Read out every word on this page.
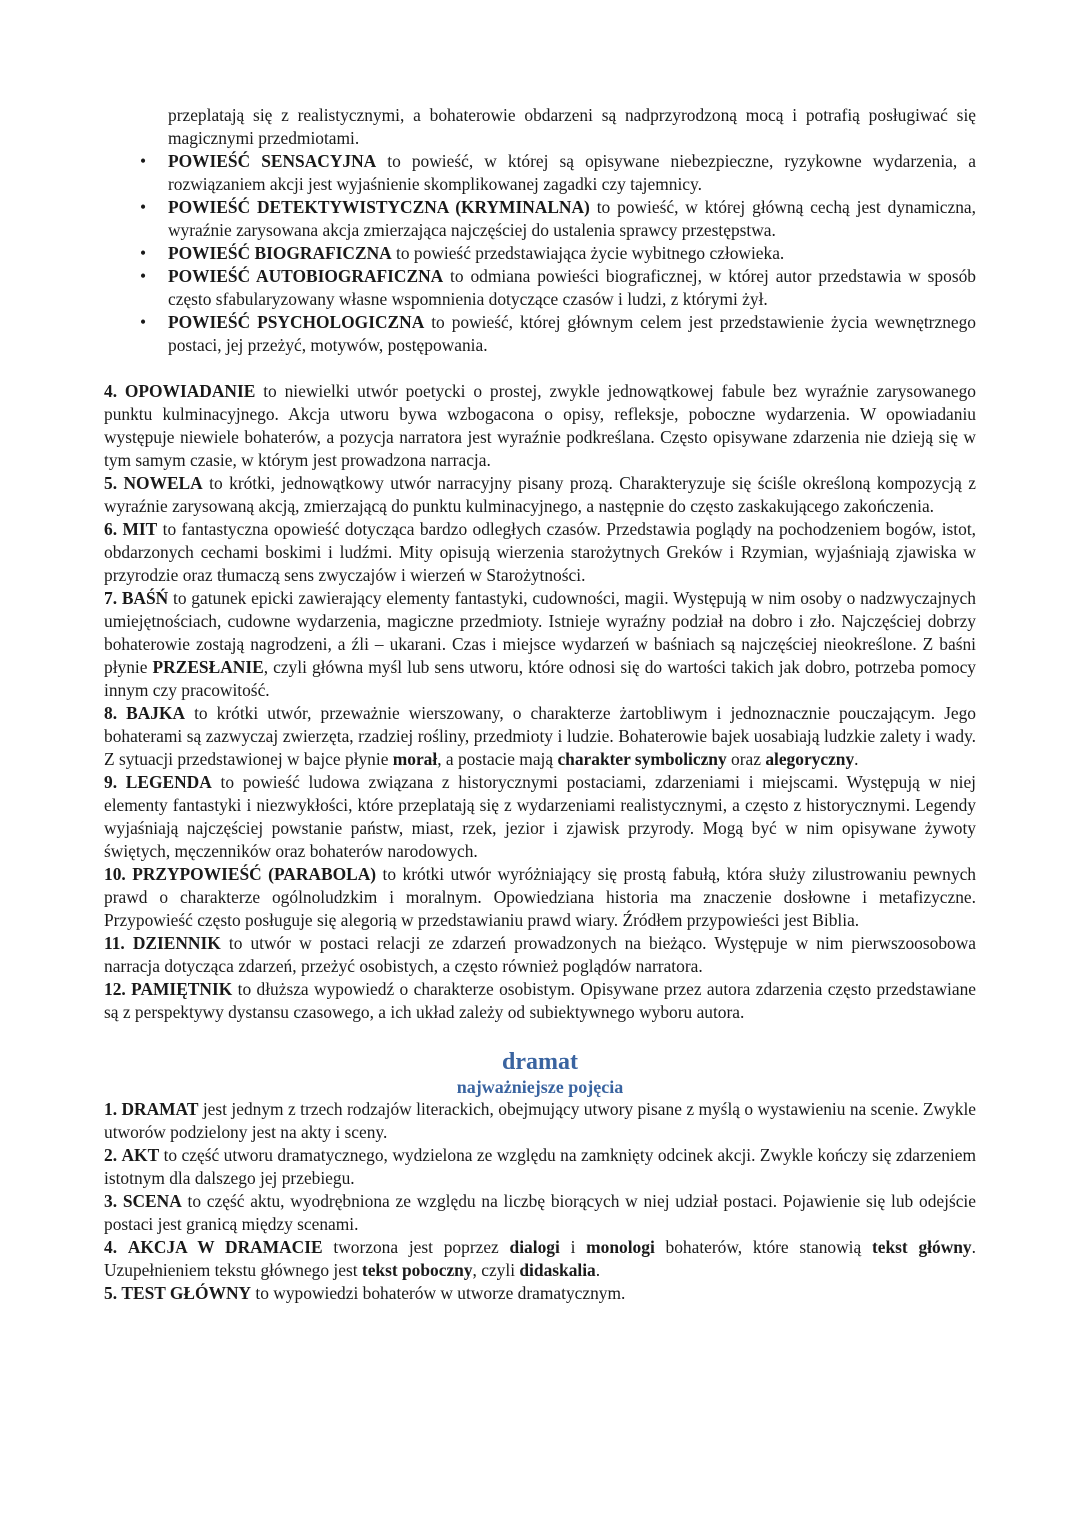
przeplatają się z realistycznymi, a bohaterowie obdarzeni są nadprzyrodzoną mocą i potrafią posługiwać się magicznymi przedmiotami.
• POWIEŚĆ SENSACYJNA to powieść, w której są opisywane niebezpieczne, ryzykowne wydarzenia, a rozwiązaniem akcji jest wyjaśnienie skomplikowanej zagadki czy tajemnicy.
• POWIEŚĆ DETEKTYWISTYCZNA (KRYMINALNA) to powieść, w której główną cechą jest dynamiczna, wyraźnie zarysowana akcja zmierzająca najczęściej do ustalenia sprawcy przestępstwa.
• POWIEŚĆ BIOGRAFICZNA to powieść przedstawiająca życie wybitnego człowieka.
• POWIEŚĆ AUTOBIOGRAFICZNA to odmiana powieści biograficznej, w której autor przedstawia w sposób często sfabularyzowany własne wspomnienia dotyczące czasów i ludzi, z którymi żył.
• POWIEŚĆ PSYCHOLOGICZNA to powieść, której głównym celem jest przedstawienie życia wewnętrznego postaci, jej przeżyć, motywów, postępowania.

4. OPOWIADANIE to niewielki utwór poetycki o prostej, zwykle jednowątkowej fabule bez wyraźnie zarysowanego punktu kulminacyjnego. Akcja utworu bywa wzbogacona o opisy, refleksje, poboczne wydarzenia. W opowiadaniu występuje niewiele bohaterów, a pozycja narratora jest wyraźnie podkreślana. Często opisywane zdarzenia nie dzieją się w tym samym czasie, w którym jest prowadzona narracja.

5. NOWELA to krótki, jednowątkowy utwór narracyjny pisany prozą. Charakteryzuje się ściśle określoną kompozycją z wyraźnie zarysowaną akcją, zmierzającą do punktu kulminacyjnego, a następnie do często zaskakującego zakończenia.

6. MIT to fantastyczna opowieść dotycząca bardzo odległych czasów. Przedstawia poglądy na pochodzeniem bogów, istot, obdarzonych cechami boskimi i ludźmi. Mity opisują wierzenia starożytnych Greków i Rzymian, wyjaśniają zjawiska w przyrodzie oraz tłumaczą sens zwyczajów i wierzeń w Starożytności.

7. BAŚŃ to gatunek epicki zawierający elementy fantastyki, cudowności, magii. Występują w nim osoby o nadzwyczajnych umiejętnościach, cudowne wydarzenia, magiczne przedmioty. Istnieje wyraźny podział na dobro i zło. Najczęściej dobrzy bohaterowie zostają nagrodzeni, a źli – ukarani. Czas i miejsce wydarzeń w baśniach są najczęściej nieokreślone. Z baśni płynie PRZESŁANIE, czyli główna myśl lub sens utworu, które odnosi się do wartości takich jak dobro, potrzeba pomocy innym czy pracowitość.

8. BAJKA to krótki utwór, przeważnie wierszowany, o charakterze żartobliwym i jednoznacznie pouczającym. Jego bohaterami są zazwyczaj zwierzęta, rzadziej rośliny, przedmioty i ludzie. Bohaterowie bajek uosabiają ludzkie zalety i wady. Z sytuacji przedstawionej w bajce płynie morał, a postacie mają charakter symboliczny oraz alegoryczny.

9. LEGENDA to powieść ludowa związana z historycznymi postaciami, zdarzeniami i miejscami. Występują w niej elementy fantastyki i niezwykłości, które przeplatają się z wydarzeniami realistycznymi, a często z historycznymi. Legendy wyjaśniają najczęściej powstanie państw, miast, rzek, jezior i zjawisk przyrody. Mogą być w nim opisywane żywoty świętych, męczenników oraz bohaterów narodowych.

10. PRZYPOWIEŚĆ (PARABOLA) to krótki utwór wyróżniający się prostą fabułą, która służy zilustrowaniu pewnych prawd o charakterze ogólnoludzkim i moralnym. Opowiedziana historia ma znaczenie dosłowne i metafizyczne. Przypowieść często posługuje się alegorią w przedstawianiu prawd wiary. Źródłem przypowieści jest Biblia.

11. DZIENNIK to utwór w postaci relacji ze zdarzeń prowadzonych na bieżąco. Występuje w nim pierwszoosobowa narracja dotycząca zdarzeń, przeżyć osobistych, a często również poglądów narratora.

12. PAMIĘTNIK to dłuższa wypowiedź o charakterze osobistym. Opisywane przez autora zdarzenia często przedstawiane są z perspektywy dystansu czasowego, a ich układ zależy od subiektywnego wyboru autora.

dramat
najważniejsze pojęcia

1. DRAMAT jest jednym z trzech rodzajów literackich, obejmujący utwory pisane z myślą o wystawieniu na scenie. Zwykle utworów podzielony jest na akty i sceny.

2. AKT to część utworu dramatycznego, wydzielona ze względu na zamknięty odcinek akcji. Zwykle kończy się zdarzeniem istotnym dla dalszego jej przebiegu.

3. SCENA to część aktu, wyodrębniona ze względu na liczbę biorących w niej udział postaci. Pojawienie się lub odejście postaci jest granicą między scenami.

4. AKCJA W DRAMACIE tworzona jest poprzez dialogi i monologi bohaterów, które stanowią tekst główny. Uzupełnieniem tekstu głównego jest tekst poboczny, czyli didaskalia.

5. TEST GŁÓWNY to wypowiedzi bohaterów w utworze dramatycznym.
